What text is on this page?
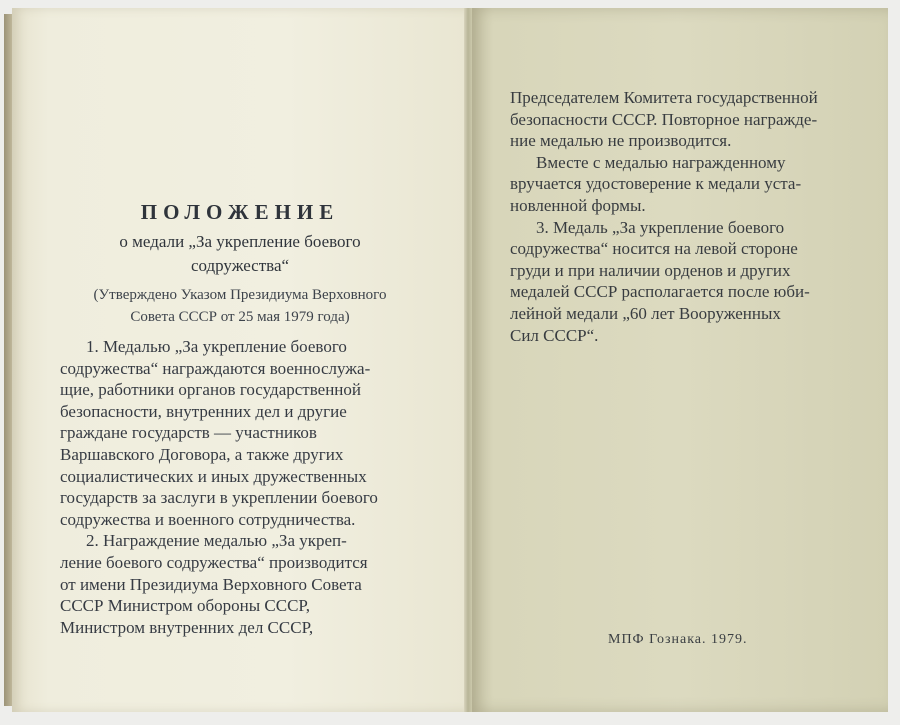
ПОЛОЖЕНИЕ
о медали „За укрепление боевого
содружества“
(Утверждено Указом Президиума Верховного
Совета СССР от 25 мая 1979 года)
1. Медалью „За укрепление боевого
содружества“ награждаются военнослужа-
щие, работники органов государственной
безопасности, внутренних дел и другие
граждане государств — участников
Варшавского Договора, а также других
социалистических и иных дружественных
государств за заслуги в укреплении боевого
содружества и военного сотрудничества.
2. Награждение медалью „За укреп-
ление боевого содружества“ производится
от имени Президиума Верховного Совета
СССР Министром обороны СССР,
Министром внутренних дел СССР,
Председателем Комитета государственной
безопасности СССР. Повторное награжде-
ние медалью не производится.
Вместе с медалью награжденному
вручается удостоверение к медали уста-
новленной формы.
3. Медаль „За укрепление боевого
содружества“ носится на левой стороне
груди и при наличии орденов и других
медалей СССР располагается после юби-
лейной медали „60 лет Вооруженных
Сил СССР“.
МПФ Гознака. 1979.
